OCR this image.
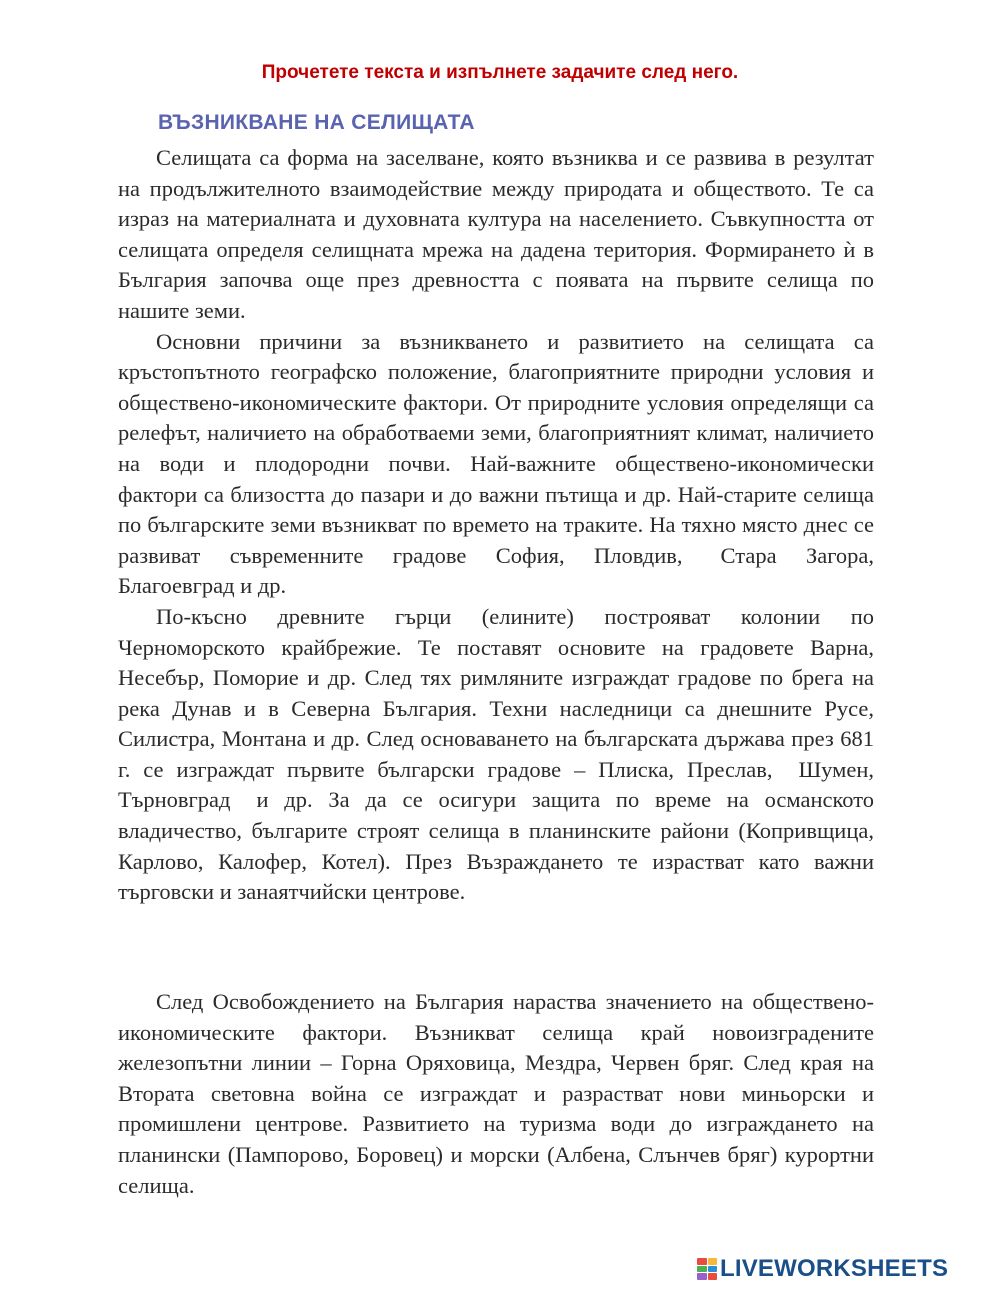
Прочетете текста и изпълнете задачите след него.
ВЪЗНИКВАНЕ НА СЕЛИЩАТА

Селищата са форма на заселване, която възниква и се развива в резултат на продължителното взаимодействие между природата и обществото. Те са израз на материалната и духовната култура на населението. Съвкупността от селищата определя селищната мрежа на дадена територия. Формирането ѝ в България започва още през древността с появата на първите селища по нашите земи.

Основни причини за възникването и развитието на селищата са кръстопътното географско положение, благоприятните природни условия и обществено-икономическите фактори. От природните условия определящи са релефът, наличието на обработваеми земи, благоприятният климат, наличието на води и плодородни почви. Най-важните обществено-икономически фактори са близостта до пазари и до важни пътища и др. Най-старите селища по българските земи възникват по времето на траките. На тяхно място днес се развиват съвременните градове София, Пловдив, Стара Загора, Благоевград и др.

По-късно древните гърци (елините) построяват колонии по Черноморското крайбрежие. Те поставят основите на градовете Варна, Несебър, Поморие и др. След тях римляните изграждат градове по брега на река Дунав и в Северна България. Техни наследници са днешните Русе, Силистра, Монтана и др. След основаването на българската държава през 681 г. се изграждат първите български градове – Плиска, Преслав, Шумен, Търновград и др. За да се осигури защита по време на османското владичество, българите строят селища в планинските райони (Копривщица, Карлово, Калофер, Котел). През Възраждането те израстват като важни търговски и занаятчийски центрове.

След Освобождението на България нараства значението на обществено-икономическите фактори. Възникват селища край новоизградените железопътни линии – Горна Оряховица, Мездра, Червен бряг. След края на Втората световна война се изграждат и разрастват нови миньорски и промишлени центрове. Развитието на туризма води до изграждането на планински (Пампорово, Боровец) и морски (Албена, Слънчев бряг) курортни селища.

LIVEWORKSHEETS
